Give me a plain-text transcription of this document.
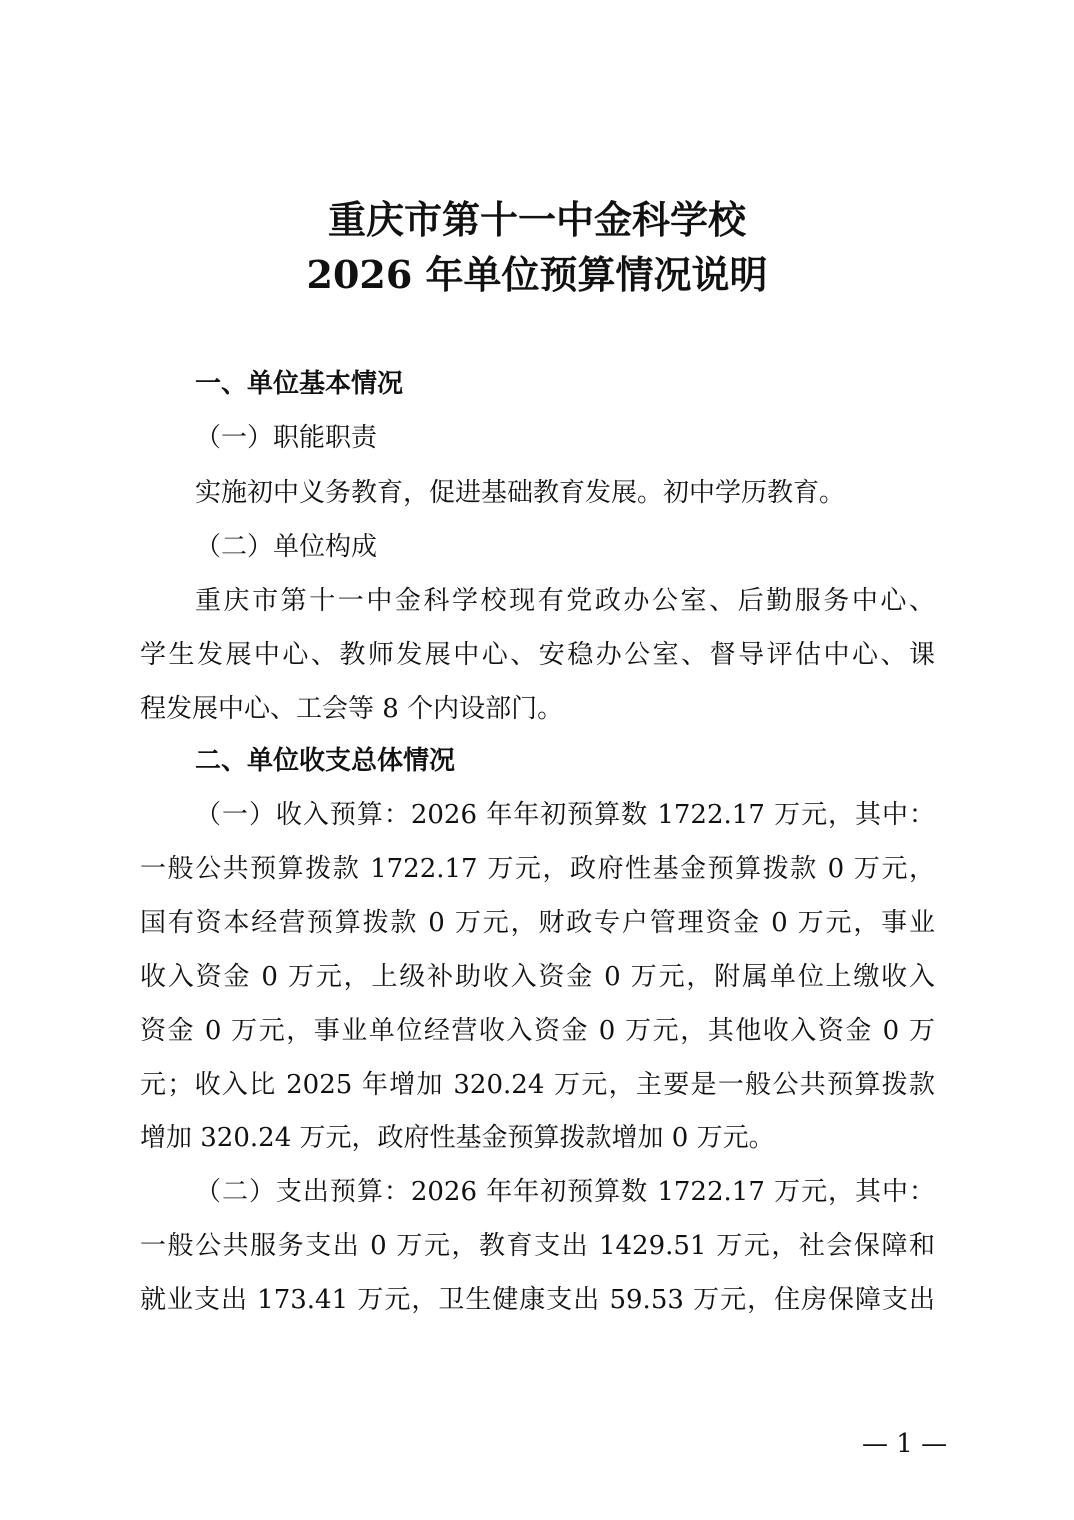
重庆市第十一中金科学校
2026 年单位预算情况说明

一、单位基本情况

（一）职能职责

实施初中义务教育，促进基础教育发展。初中学历教育。

（二）单位构成

重庆市第十一中金科学校现有党政办公室、后勤服务中心、

学生发展中心、教师发展中心、安稳办公室、督导评估中心、课

程发展中心、工会等 8 个内设部门。

二、单位收支总体情况

（一）收入预算：2026 年年初预算数 1722.17 万元，其中：

一般公共预算拨款 1722.17 万元，政府性基金预算拨款 0 万元，

国有资本经营预算拨款 0 万元，财政专户管理资金 0 万元，事业

收入资金 0 万元，上级补助收入资金 0 万元，附属单位上缴收入

资金 0 万元，事业单位经营收入资金 0 万元，其他收入资金 0 万

元；收入比 2025 年增加 320.24 万元，主要是一般公共预算拨款

增加 320.24 万元，政府性基金预算拨款增加 0 万元。

（二）支出预算：2026 年年初预算数 1722.17 万元，其中：

一般公共服务支出 0 万元，教育支出 1429.51 万元，社会保障和

就业支出 173.41 万元，卫生健康支出 59.53 万元，住房保障支出

— 1 —
